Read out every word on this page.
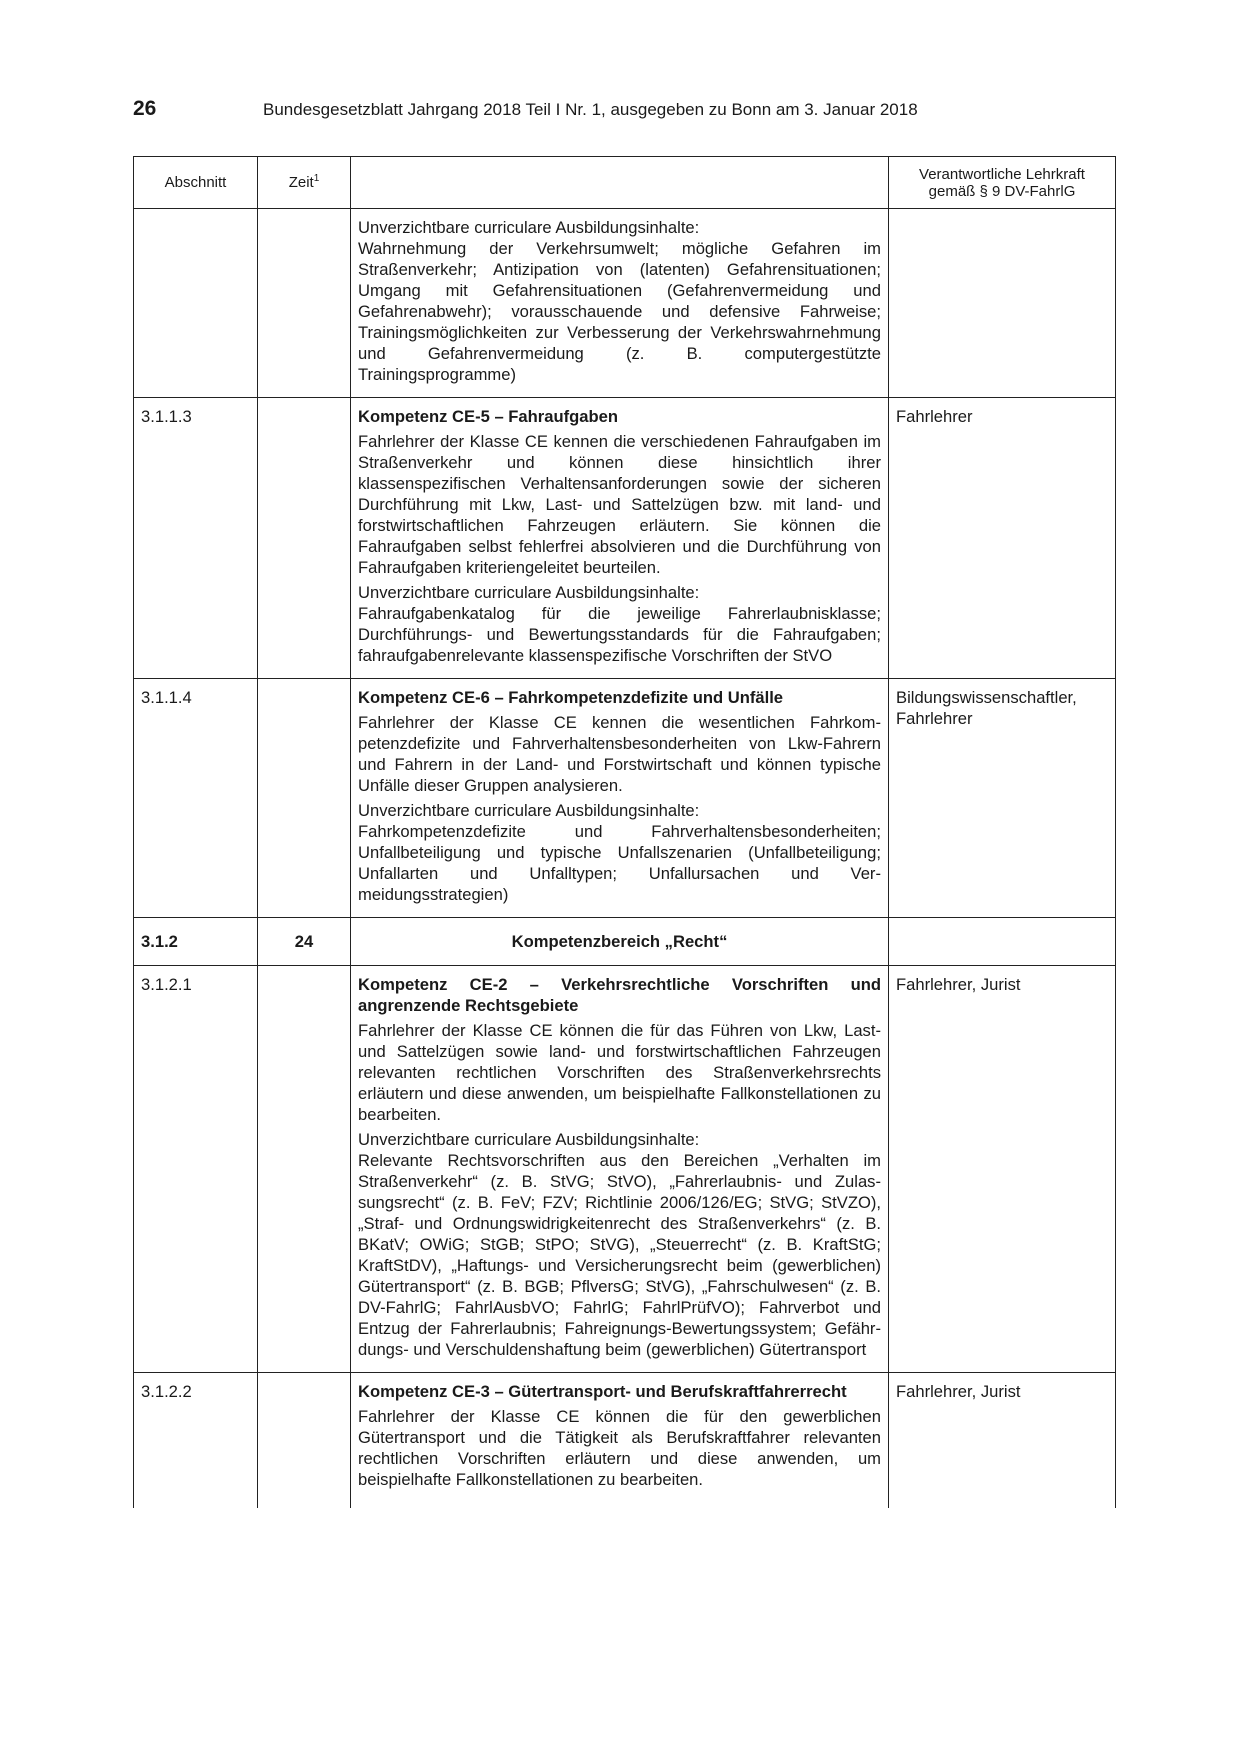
26	Bundesgesetzblatt Jahrgang 2018 Teil I Nr. 1, ausgegeben zu Bonn am 3. Januar 2018
Abschnitt	Zeit$^1$		Verantwortliche Lehrkraft
gemäß § 9 DV-FahrlG

		Unverzichtbare curriculare Ausbildungsinhalte:
Wahrnehmung der Verkehrsumwelt; mögliche Gefahren im Straßenverkehr; Antizipation von (latenten) Gefahrensituationen; Umgang mit Gefahrensituationen (Gefahrenvermeidung und Gefahrenabwehr); vorausschauende und defensive Fahrweise; Trainingsmöglichkeiten zur Verbesserung der Verkehrswahrnehmung und Gefahrenvermeidung (z. B. computergestützte Trainingsprogramme)	

3.1.1.3		Kompetenz CE-5 – Fahraufgaben

Fahrlehrer der Klasse CE kennen die verschiedenen Fahraufgaben im Straßenverkehr und können diese hinsichtlich ihrer klassenspezifischen Verhaltensanforderungen sowie der sicheren Durchführung mit Lkw, Last- und Sattelzügen bzw. mit land- und forstwirtschaftlichen Fahrzeugen erläutern. Sie können die Fahraufgaben selbst fehlerfrei absolvieren und die Durchführung von Fahraufgaben kriteriengeleitet beurteilen.

Unverzichtbare curriculare Ausbildungsinhalte:
Fahraufgabenkatalog für die jeweilige Fahrerlaubnisklasse; Durchführungs- und Bewertungsstandards für die Fahraufgaben; fahraufgabenrelevante klassenspezifische Vorschriften der StVO	Fahrlehrer
3.1.1.4		Kompetenz CE-6 – Fahrkompetenzdefizite und Unfälle

Fahrlehrer der Klasse CE kennen die wesentlichen Fahrkompetenzdefizite und Fahrverhaltensbesonderheiten von Lkw-Fahrern und Fahrern in der Land- und Forstwirtschaft und können typische Unfälle dieser Gruppen analysieren.

Unverzichtbare curriculare Ausbildungsinhalte:
Fahrkompetenzdefizite und Fahrverhaltensbesonderheiten; Unfallbeteiligung und typische Unfallszenarien (Unfallbeteiligung; Unfallarten und Unfalltypen; Unfallursachen und Vermeidungsstrategien)	Bildungswissenschaftler, Fahrlehrer
3.1.2	24	Kompetenzbereich „Recht“	
3.1.2.1		Kompetenz CE-2 – Verkehrsrechtliche Vorschriften und angrenzende Rechtsgebiete

Fahrlehrer der Klasse CE können die für das Führen von Lkw, Last- und Sattelzügen sowie land- und forstwirtschaftlichen Fahrzeugen relevanten rechtlichen Vorschriften des Straßenverkehrsrechts erläutern und diese anwenden, um beispielhafte Fallkonstellationen zu bearbeiten.

Unverzichtbare curriculare Ausbildungsinhalte:
Relevante Rechtsvorschriften aus den Bereichen „Verhalten im Straßenverkehr“ (z. B. StVG; StVO), „Fahrerlaubnis- und Zulassungsrecht“ (z. B. FeV; FZV; Richtlinie 2006/126/EG; StVG; StVZO), „Straf- und Ordnungswidrigkeitenrecht des Straßenverkehrs“ (z. B. BKatV; OWiG; StGB; StPO; StVG), „Steuerrecht“ (z. B. KraftStG; KraftStDV), „Haftungs- und Versicherungsrecht beim (gewerblichen) Gütertransport“ (z. B. BGB; PflversG; StVG), „Fahrschulwesen“ (z. B. DV-FahrlG; FahrlAusbVO; FahrlG; FahrlPrüfVO); Fahrverbot und Entzug der Fahrerlaubnis; Fahreignungs-Bewertungssystem; Gefährdungs- und Verschuldenshaftung beim (gewerblichen) Gütertransport	Fahrlehrer, Jurist
3.1.2.2		Kompetenz CE-3 – Gütertransport- und Berufskraftfahrerrecht

Fahrlehrer der Klasse CE können die für den gewerblichen Gütertransport und die Tätigkeit als Berufskraftfahrer relevanten rechtlichen Vorschriften erläutern und diese anwenden, um beispielhafte Fallkonstellationen zu bearbeiten.	Fahrlehrer, Jurist
